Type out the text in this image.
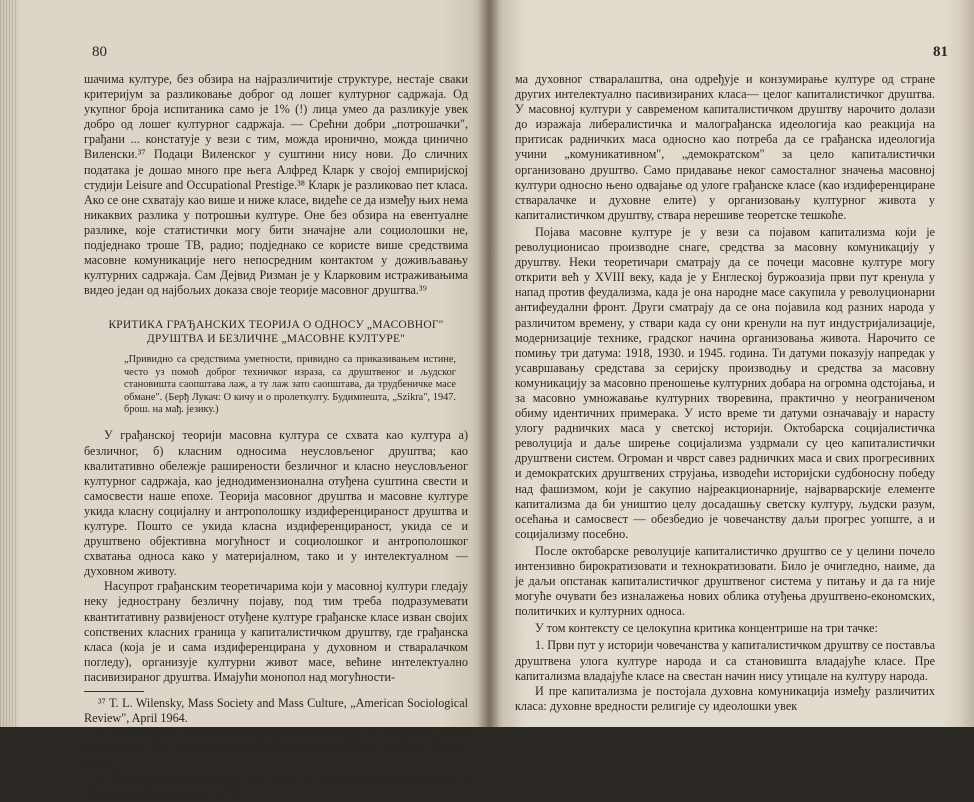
80

шачима културе, без обзира на најразличитије структуре, нестаје сваки критеријум за разликовање доброг од лошег културног садржаја. Од укупног броја испитаника само је 1% (!) лица умео да разликује увек добро од лошег културног садржаја. — Срећни добри „потрошачки", грађани ... констатује у вези с тим, можда иронично, можда цинично Виленски.³⁷ Подаци Виленског у суштини нису нови. До сличних података је дошао много пре њега Алфред Кларк у својој емпиријској студији Leisure and Occupational Prestige.³⁸ Кларк је разликовао пет класа. Ако се оне схватају као више и ниже класе, видеће се да између њих нема никаквих разлика у потрошњи културе. Оне без обзира на евентуалне разлике, које статистички могу бити значајне али социолошки не, подједнако троше ТВ, радио; подједнако се користе више средствима масовне комуникације него непосредним контактом у доживљавању културних садржаја. Сам Дејвид Ризман је у Кларковим истраживањима видео један од најбољих доказа своје теорије масовног друштва.³⁹

КРИТИКА ГРАЂАНСКИХ ТЕОРИЈА О ОДНОСУ „МАСОВНОГ" ДРУШТВА И БЕЗЛИЧНЕ „МАСОВНЕ КУЛТУРЕ"
„Привидно са средствима уметности, привидно са приказивањем истине, често уз помоћ доброг техничког израза, са друштвеног и људског становишта саопштава лаж, а ту лаж зато саопштава, да трудбеничке масе обмане". (Берђ Лукач: О кичу и о пролеткулту. Будимпешта, „Szikra", 1947. брош. на мађ. језику.)

У грађанској теорији масовна култура се схвата као култура а) безличног, б) класним односима неусловљеног друштва; као квалитативно обележје раширености безличног и класно неусловљеног културног садржаја, као једнодимензионална отуђена суштина свести и самосвести наше епохе. Теорија масовног друштва и масовне културе укида класну социјалну и антрополошку издиференцираност друштва и културе. Пошто се укида класна издиференцираност, укида се и друштвено објективна могућност и социолошког и антрополошког схватања односа како у материјалном, тако и у интелектуалном — духовном животу.

Насупрот грађанским теоретичарима који у масовној култури гледају неку једнострану безличну појаву, под тим треба подразумевати квантитативну развијеност отуђене културе грађанске класе изван својих сопствених класних граница у капиталистичком друштву, где грађанска класа (која је и сама издиференцирана у духовном и стваралачком погледу), организује културни живот масе, већине интелектуално пасивизираног друштва. Имајући монопол над могућности-

³⁷ T. L. Wilensky, Mass Society and Mass Culture, „American Sociological Review", April 1964.

³⁸ Alfred Clark, Leisure and Occupational Prestige; у Зборнику „Mass Leisure", ed. Eric Larabel and Ralf Meyersohn, Free Press, Glencoe, Illinois, 1958.

³⁹ David Riesmann, Leisure and Work in Post-Industrial Civilisation; у Зборнику „Mass Leisure", 377.

81

ма духовног стваралаштва, она одређује и конзумирање културе од стране других интелектуално пасивизираних класа— целог капиталистичког друштва. У масовној култури у савременом капиталистичком друштву нарочито долази до изражаја либералистичка и малограђанска идеологија као реакција на притисак радничких маса односно као потреба да се грађанска идеологија учини „комуникативном", „демократском" за цело капиталистички организовано друштво. Само придавање неког самосталног значења масовној култури односно њено одвајање од улоге грађанске класе (као издиференциране стваралачке и духовне елите) у организовању културног живота у капиталистичком друштву, ствара нерешиве теоретске тешкоће.

Појава масовне културе је у вези са појавом капитализма који је револуционисао производне снаге, средства за масовну комуникацију у друштву. Неки теоретичари сматрају да се почеци масовне културе могу открити већ у XVIII веку, када је у Енглеској буржоазија први пут кренула у напад против феудализма, када је она народне масе сакупила у револуционарни антифеудални фронт. Други сматрају да се она појавила код разних народа у различитом времену, у ствари када су они кренули на пут индустријализације, модернизације технике, градског начина организовања живота. Нарочито се помињу три датума: 1918, 1930. и 1945. година. Ти датуми показују напредак у усавршавању средстава за серијску производњу и средства за масовну комуникацију за масовно преношење културних добара на огромна одстојања, и за масовно умножавање културних творевина, практично у неограниченом обиму идентичних примерака. У исто време ти датуми означавају и нарасту улогу радничких маса у светској историји. Октобарска социјалистичка револуција и даље ширење социјализма уздрмали су цео капиталистички друштвени систем. Огроман и чврст савез радничких маса и свих прогресивних и демократских друштвених струјања, изводећи историјски судбоносну победу над фашизмом, који је сакупио најреакционарније, најварварскије елементе капитализма да би уништио целу досадашњу светску културу, људски разум, осећања и самосвест — обезбедио је човечанству даљи прогрес уопште, а и социјализму посебно.

После октобарске револуције капиталистичко друштво се у целини почело интензивно бирократизовати и технократизовати. Било је очигледно, наиме, да је даљи опстанак капиталистичког друштвеног система у питању и да га није могуће очувати без изналажења нових облика отуђења друштвено-економских, политичких и културних односа.

У том контексту се целокупна критика концентрише на три тачке:

1. Први пут у историји човечанства у капиталистичком друштву се поставља друштвена улога културе народа и са становишта владајуће класе. Пре капитализма владајуће класе на свестан начин нису утицале на културу народа.

И пре капитализма је постојала духовна комуникација између различитих класа: духовне вредности религије су идеолошки увек
